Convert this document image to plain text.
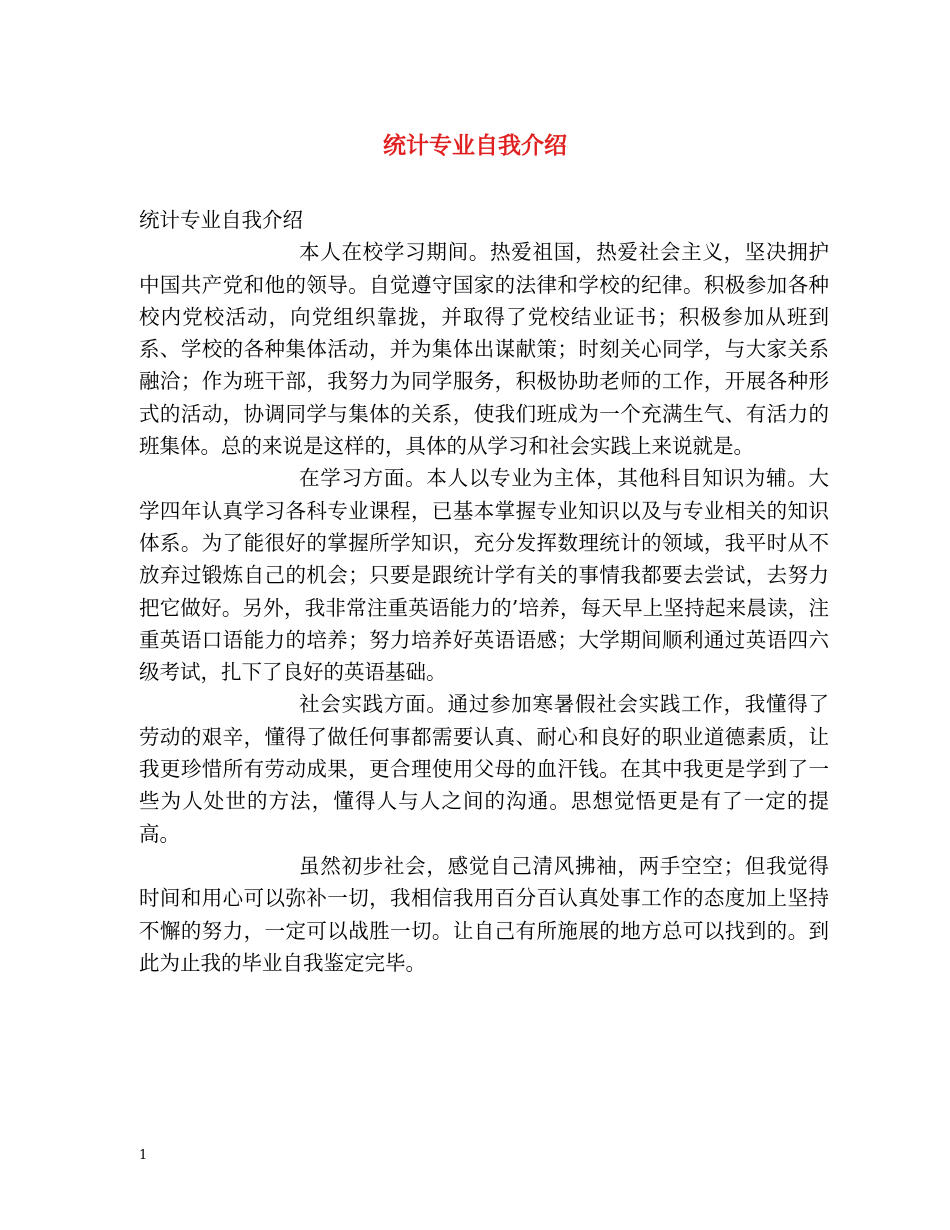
统计专业自我介绍

统计专业自我介绍

本人在校学习期间。热爱祖国，热爱社会主义，坚决拥护中国共产党和他的领导。自觉遵守国家的法律和学校的纪律。积极参加各种校内党校活动，向党组织靠拢，并取得了党校结业证书；积极参加从班到系、学校的各种集体活动，并为集体出谋献策；时刻关心同学，与大家关系融洽；作为班干部，我努力为同学服务，积极协助老师的工作，开展各种形式的活动，协调同学与集体的关系，使我们班成为一个充满生气、有活力的班集体。总的来说是这样的，具体的从学习和社会实践上来说就是。

在学习方面。本人以专业为主体，其他科目知识为辅。大学四年认真学习各科专业课程，已基本掌握专业知识以及与专业相关的知识体系。为了能很好的掌握所学知识，充分发挥数理统计的领域，我平时从不放弃过锻炼自己的机会；只要是跟统计学有关的事情我都要去尝试，去努力把它做好。另外，我非常注重英语能力的’培养，每天早上坚持起来晨读，注重英语口语能力的培养；努力培养好英语语感；大学期间顺利通过英语四六级考试，扎下了良好的英语基础。

社会实践方面。通过参加寒暑假社会实践工作，我懂得了劳动的艰辛，懂得了做任何事都需要认真、耐心和良好的职业道德素质，让我更珍惜所有劳动成果，更合理使用父母的血汗钱。在其中我更是学到了一些为人处世的方法，懂得人与人之间的沟通。思想觉悟更是有了一定的提高。

虽然初步社会，感觉自己清风拂袖，两手空空；但我觉得时间和用心可以弥补一切，我相信我用百分百认真处事工作的态度加上坚持不懈的努力，一定可以战胜一切。让自己有所施展的地方总可以找到的。到此为止我的毕业自我鉴定完毕。

1
